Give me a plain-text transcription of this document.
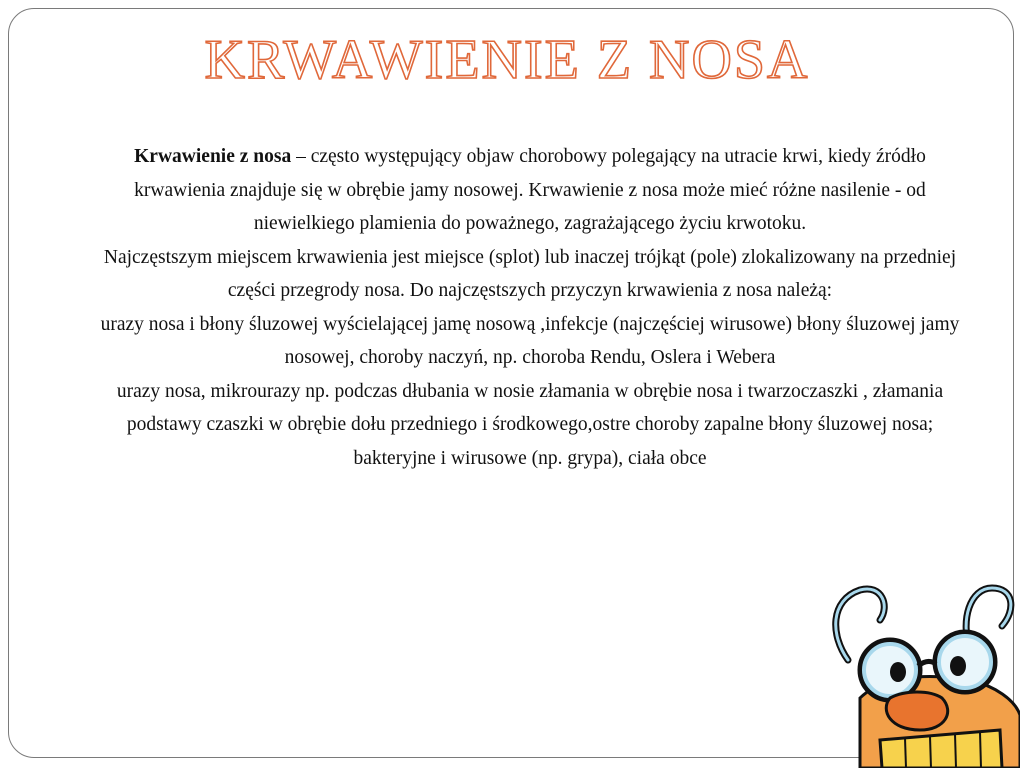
KRWAWIENIE Z NOSA

Krwawienie z nosa – często występujący objaw chorobowy polegający na utracie krwi, kiedy źródło krwawienia znajduje się w obrębie jamy nosowej. Krwawienie z nosa może mieć różne nasilenie - od niewielkiego plamienia do poważnego, zagrażającego życiu krwotoku.

Najczęstszym miejscem krwawienia jest miejsce (splot) lub inaczej trójkąt (pole) zlokalizowany na przedniej części przegrody nosa. Do najczęstszych przyczyn krwawienia z nosa należą:

urazy nosa i błony śluzowej wyścielającej jamę nosową ,infekcje (najczęściej wirusowe) błony śluzowej jamy nosowej, choroby naczyń, np. choroba Rendu, Oslera i Webera

urazy nosa, mikrourazy np. podczas dłubania w nosie złamania w obrębie nosa i twarzoczaszki , złamania podstawy czaszki w obrębie dołu przedniego i środkowego,ostre choroby zapalne błony śluzowej nosa; bakteryjne i wirusowe (np. grypa), ciała obce
